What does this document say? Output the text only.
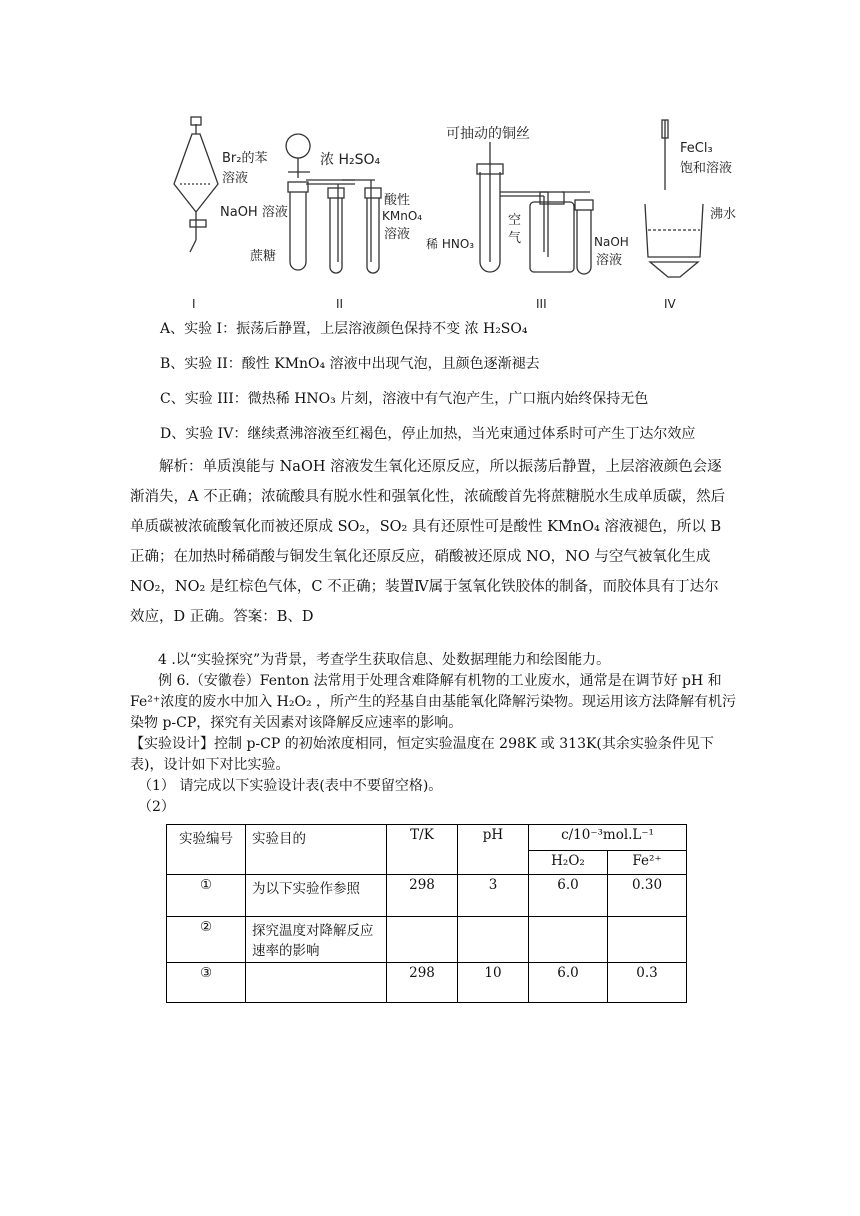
Br₂的苯
溶液
NaOH 溶液
浓 H₂SO₄
酸性
KMnO₄
溶液
蔗糖
可抽动的铜丝
空
气
稀 HNO₃	NaOH
溶液
FeCl₃
饱和溶液
沸水
I	II	III	IV
A、实验 I：振荡后静置，上层溶液颜色保持不变 浓 H₂SO₄
B、实验 II：酸性 KMnO₄ 溶液中出现气泡，且颜色逐渐褪去
C、实验 III：微热稀 HNO₃ 片刻，溶液中有气泡产生，广口瓶内始终保持无色
D、实验 IV：继续煮沸溶液至红褐色，停止加热，当光束通过体系时可产生丁达尔效应

解析：单质溴能与 NaOH 溶液发生氧化还原反应，所以振荡后静置，上层溶液颜色会逐渐消失，A 不正确；浓硫酸具有脱水性和强氧化性，浓硫酸首先将蔗糖脱水生成单质碳，然后单质碳被浓硫酸氧化而被还原成 SO₂，SO₂ 具有还原性可是酸性 KMnO₄ 溶液褪色，所以 B 正确；在加热时稀硝酸与铜发生氧化还原反应，硝酸被还原成 NO，NO 与空气被氧化生成 NO₂，NO₂ 是红棕色气体，C 不正确；装置Ⅳ属于氢氧化铁胶体的制备，而胶体具有丁达尔效应，D 正确。答案：B、D

4 .以“实验探究”为背景，考查学生获取信息、处数据理能力和绘图能力。

例 6.（安徽卷）Fenton 法常用于处理含难降解有机物的工业废水，通常是在调节好 pH 和 Fe²⁺浓度的废水中加入 H₂O₂ ，所产生的羟基自由基能氧化降解污染物。现运用该方法降解有机污染物 p-CP，探究有关因素对该降解反应速率的影响。

【实验设计】控制 p-CP 的初始浓度相同，恒定实验温度在 298K 或 313K(其余实验条件见下表)，设计如下对比实验。

（1） 请完成以下实验设计表(表中不要留空格)。

（2）

实验编号	实验目的	T/K	pH	c/10⁻³mol.L⁻¹	
				H₂O₂	Fe²⁺
①	为以下实验作参照	298	3	6.0	0.30
②	探究温度对降解反应速率的影响				
③		298	10	6.0	0.3
